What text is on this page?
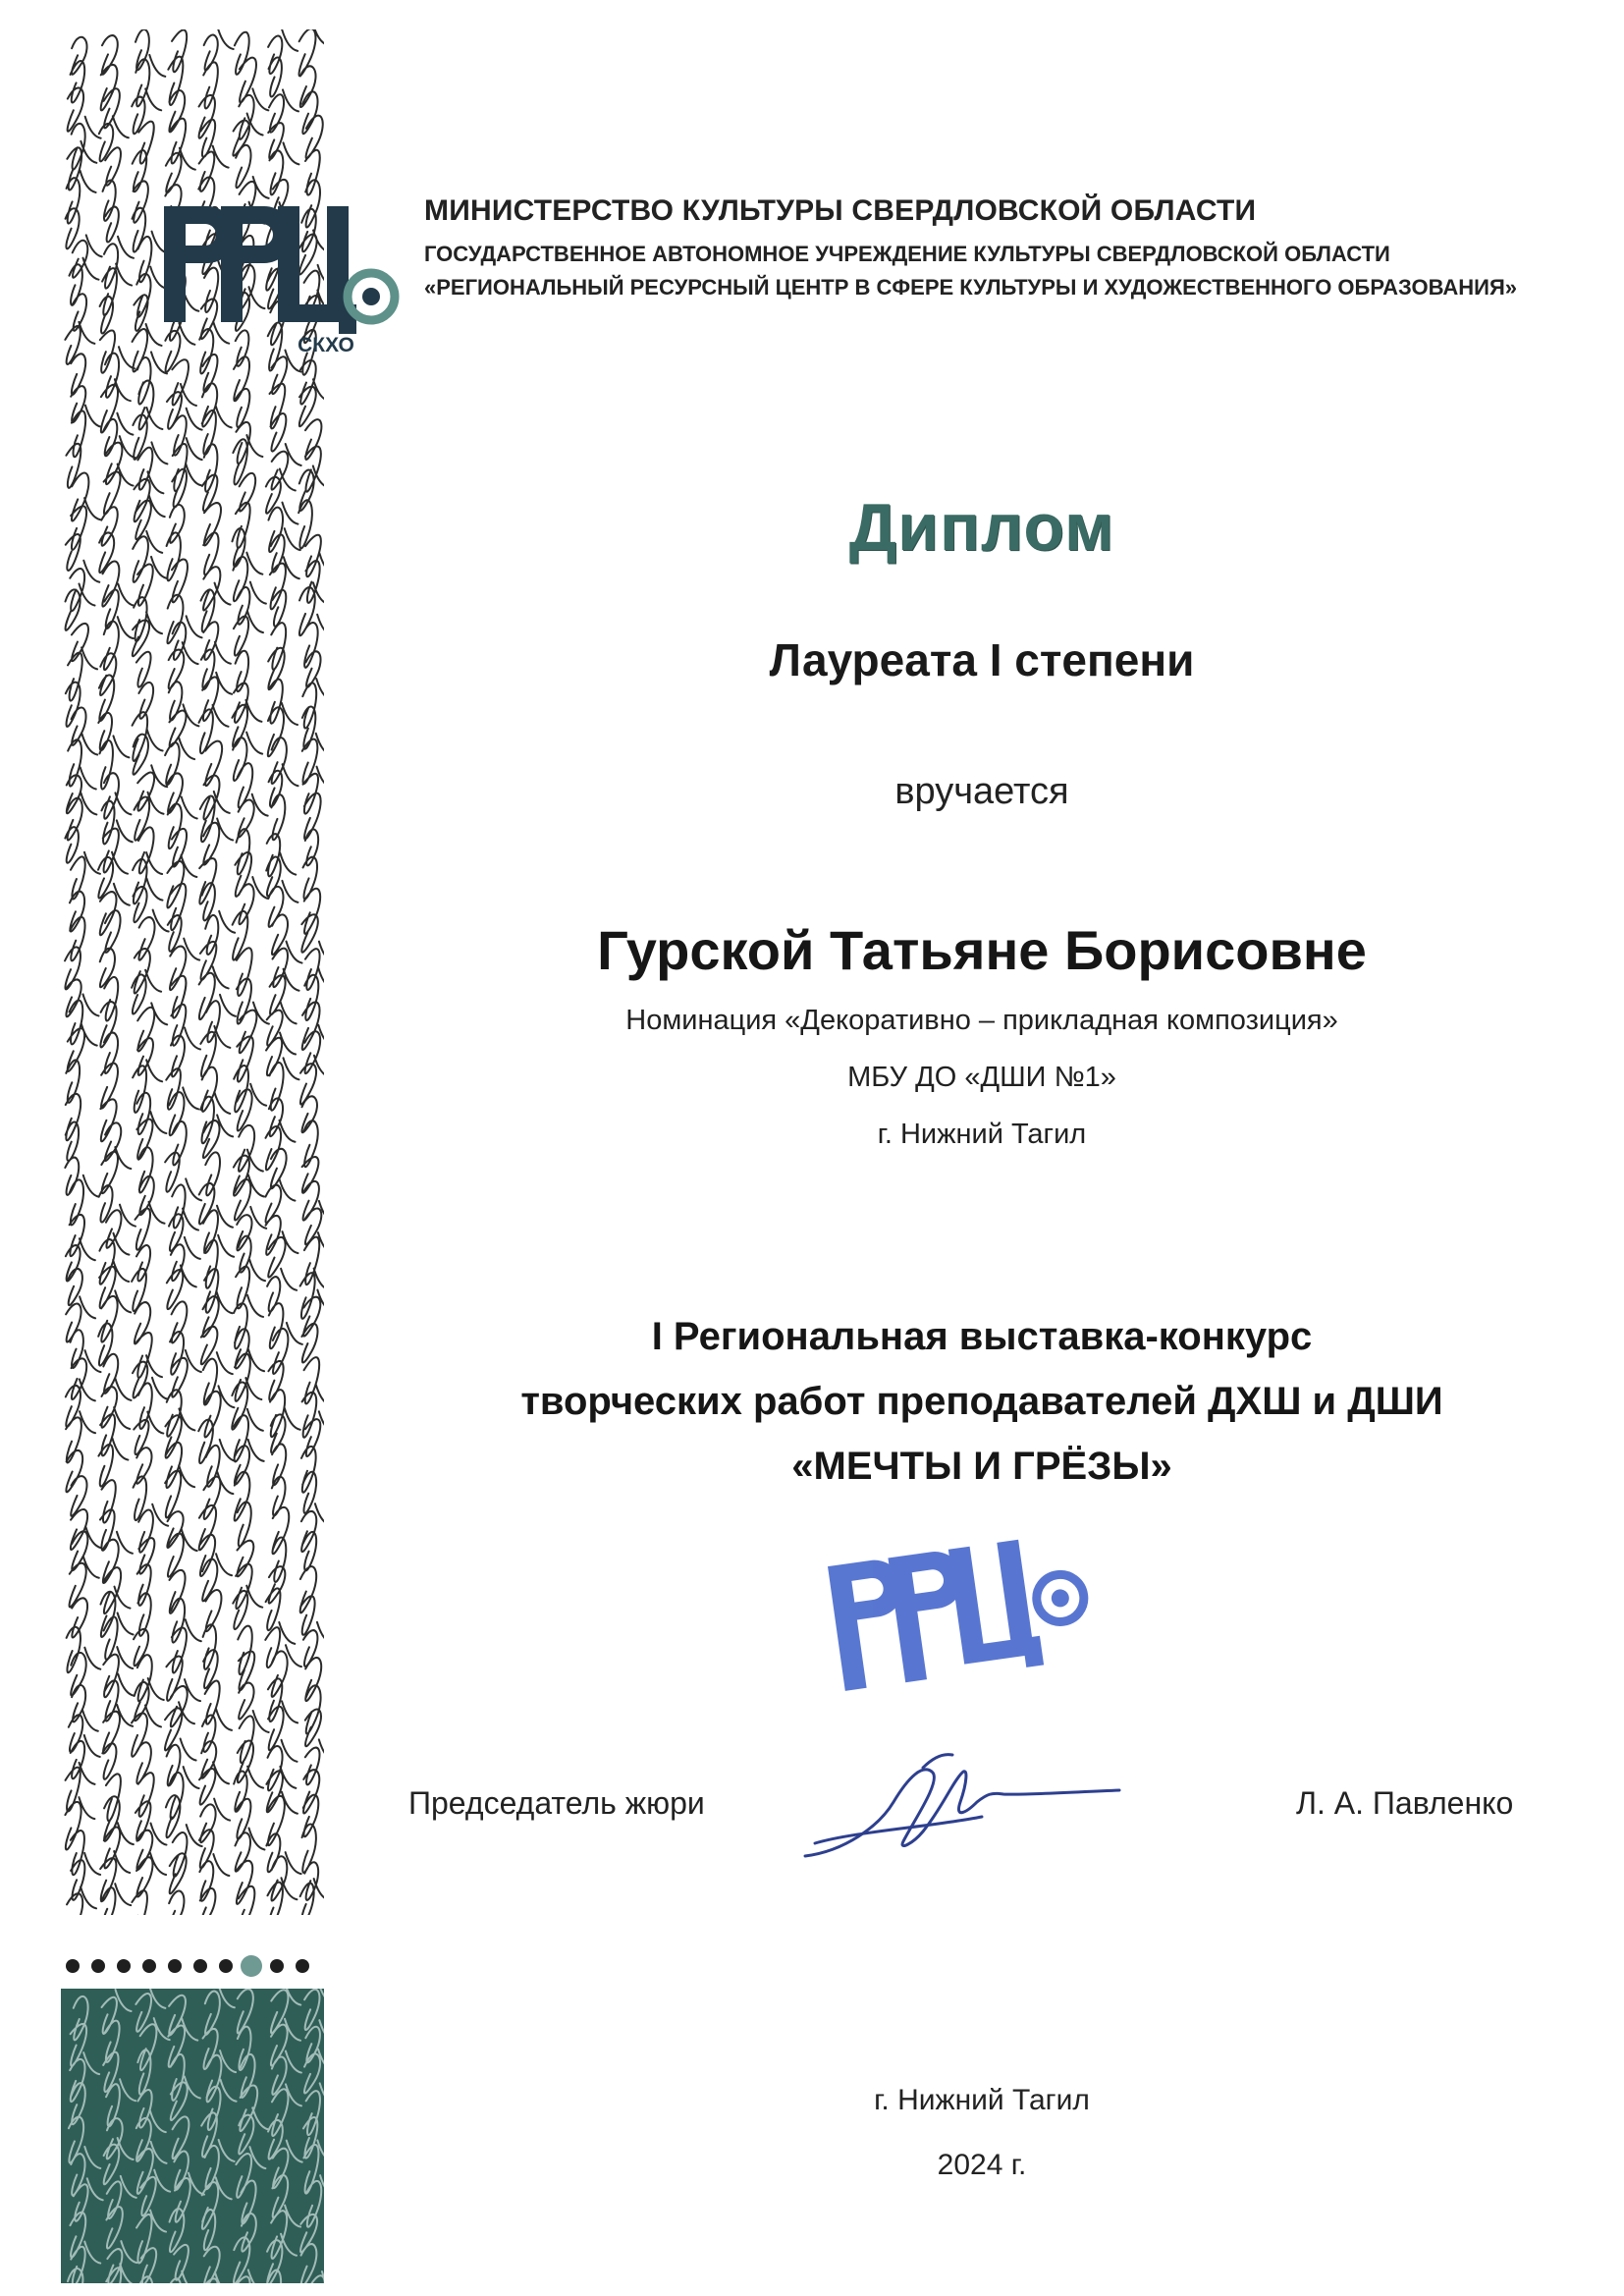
СКХО
МИНИСТЕРСТВО КУЛЬТУРЫ СВЕРДЛОВСКОЙ ОБЛАСТИ
ГОСУДАРСТВЕННОЕ АВТОНОМНОЕ УЧРЕЖДЕНИЕ КУЛЬТУРЫ СВЕРДЛОВСКОЙ ОБЛАСТИ
«РЕГИОНАЛЬНЫЙ РЕСУРСНЫЙ ЦЕНТР В СФЕРЕ КУЛЬТУРЫ И ХУДОЖЕСТВЕННОГО ОБРАЗОВАНИЯ»
Диплом
Лауреата I степени
вручается
Гурской Татьяне Борисовне
Номинация «Декоративно – прикладная композиция»
МБУ ДО «ДШИ №1»
г. Нижний Тагил
I Региональная выставка-конкурс
творческих работ преподавателей ДХШ и ДШИ
«МЕЧТЫ И ГРЁЗЫ»
Председатель жюри	Л. А. Павленко
г. Нижний Тагил
2024 г.
